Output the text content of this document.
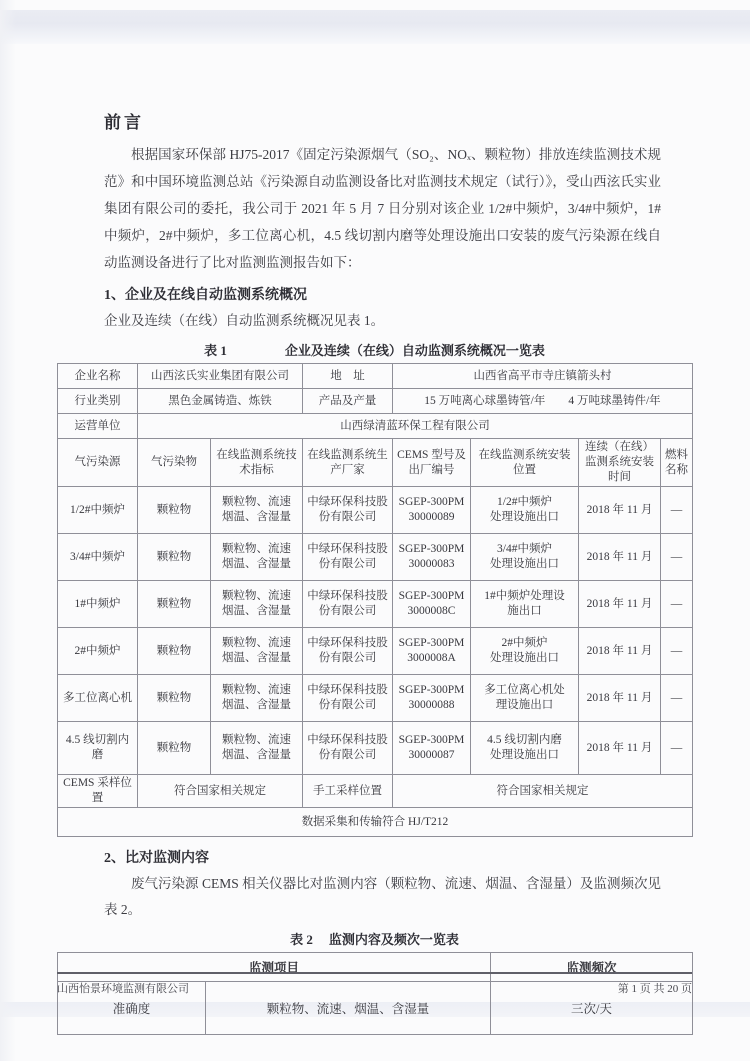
前言

根据国家环保部 HJ75-2017《固定污染源烟气（SO₂、NOₓ、颗粒物）排放连续监测技术规范》和中国环境监测总站《污染源自动监测设备比对监测技术规定（试行）》，受山西泫氏实业集团有限公司的委托，我公司于 2021 年 5 月 7 日分别对该企业 1/2#中频炉，3/4#中频炉，1#中频炉，2#中频炉，多工位离心机，4.5 线切割内磨等处理设施出口安装的废气污染源在线自动监测设备进行了比对监测监测报告如下：

1、企业及在线自动监测系统概况
企业及连续（在线）自动监测系统概况见表 1。
表 1	企业及连续（在线）自动监测系统概况一览表
企业名称	山西泫氏实业集团有限公司		地　址	山西省高平市寺庄镇箭头村			
行业类别	黑色金属铸造、炼铁		产品及产量	15 万吨离心球墨铸管/年　　4 万吨球墨铸件/年			
运营单位	山西绿清蓝环保工程有限公司						
气污染源	气污染物	在线监测系统技术指标	在线监测系统生产厂家	CEMS 型号及出厂编号	在线监测系统安装位置	连续（在线）监测系统安装时间	燃料名称
1/2#中频炉	颗粒物	颗粒物、流速
烟温、含湿量	中绿环保科技股份有限公司	SGEP-300PM
30000089	1/2#中频炉
处理设施出口	2018 年 11 月	—
3/4#中频炉	颗粒物	颗粒物、流速
烟温、含湿量	中绿环保科技股份有限公司	SGEP-300PM
30000083	3/4#中频炉
处理设施出口	2018 年 11 月	—
1#中频炉	颗粒物	颗粒物、流速
烟温、含湿量	中绿环保科技股份有限公司	SGEP-300PM
3000008C	1#中频炉处理设
施出口	2018 年 11 月	—
2#中频炉	颗粒物	颗粒物、流速
烟温、含湿量	中绿环保科技股份有限公司	SGEP-300PM
3000008A	2#中频炉
处理设施出口	2018 年 11 月	—
多工位离心机	颗粒物	颗粒物、流速
烟温、含湿量	中绿环保科技股份有限公司	SGEP-300PM
30000088	多工位离心机处
理设施出口	2018 年 11 月	—
4.5 线切割内磨	颗粒物	颗粒物、流速
烟温、含湿量	中绿环保科技股份有限公司	SGEP-300PM
30000087	4.5 线切割内磨
处理设施出口	2018 年 11 月	—
CEMS 采样位置	符合国家相关规定		手工采样位置	符合国家相关规定			
数据采集和传输符合 HJ/T212							
2、比对监测内容
废气污染源 CEMS 相关仪器比对监测内容（颗粒物、流速、烟温、含湿量）及监测频次见表 2。
表 2 监测内容及频次一览表
监测项目		监测频次
准确度	颗粒物、流速、烟温、含湿量	三次/天
山西怡景环境监测有限公司	第 1 页 共 20 页
